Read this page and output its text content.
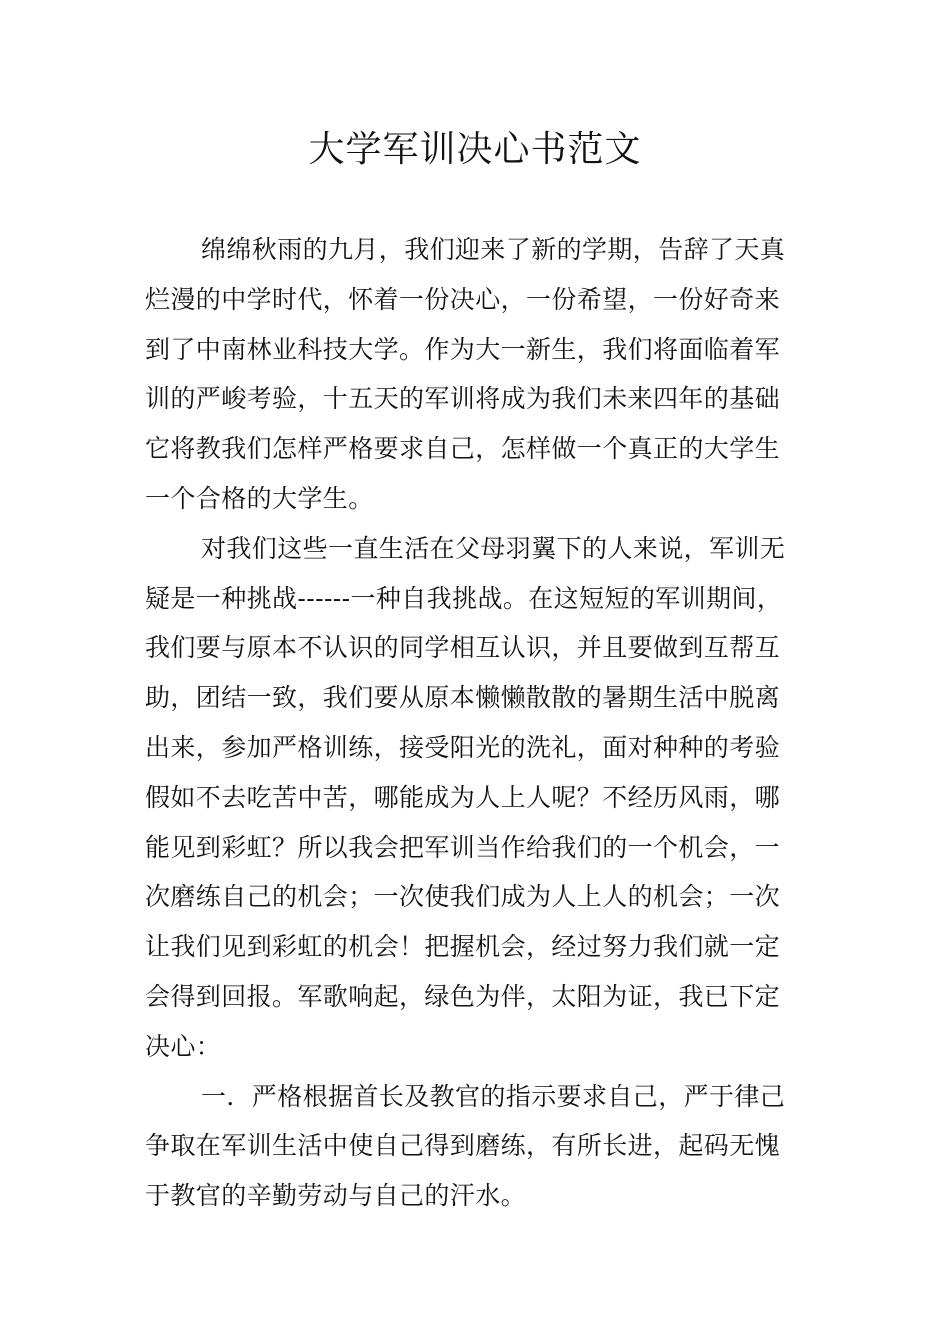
大学军训决心书范文
绵绵秋雨的九月，我们迎来了新的学期，告辞了天真
烂漫的中学时代，怀着一份决心，一份希望，一份好奇来
到了中南林业科技大学。作为大一新生，我们将面临着军
训的严峻考验，十五天的军训将成为我们未来四年的基础
它将教我们怎样严格要求自己，怎样做一个真正的大学生
一个合格的大学生。
对我们这些一直生活在父母羽翼下的人来说，军训无
疑是一种挑战------一种自我挑战。在这短短的军训期间，
我们要与原本不认识的同学相互认识，并且要做到互帮互
助，团结一致，我们要从原本懒懒散散的暑期生活中脱离
出来，参加严格训练，接受阳光的洗礼，面对种种的考验
假如不去吃苦中苦，哪能成为人上人呢？不经历风雨，哪
能见到彩虹？所以我会把军训当作给我们的一个机会，一
次磨练自己的机会；一次使我们成为人上人的机会；一次
让我们见到彩虹的机会！把握机会，经过努力我们就一定
会得到回报。军歌响起，绿色为伴，太阳为证，我已下定
决心：
一．严格根据首长及教官的指示要求自己，严于律己
争取在军训生活中使自己得到磨练，有所长进，起码无愧
于教官的辛勤劳动与自己的汗水。
